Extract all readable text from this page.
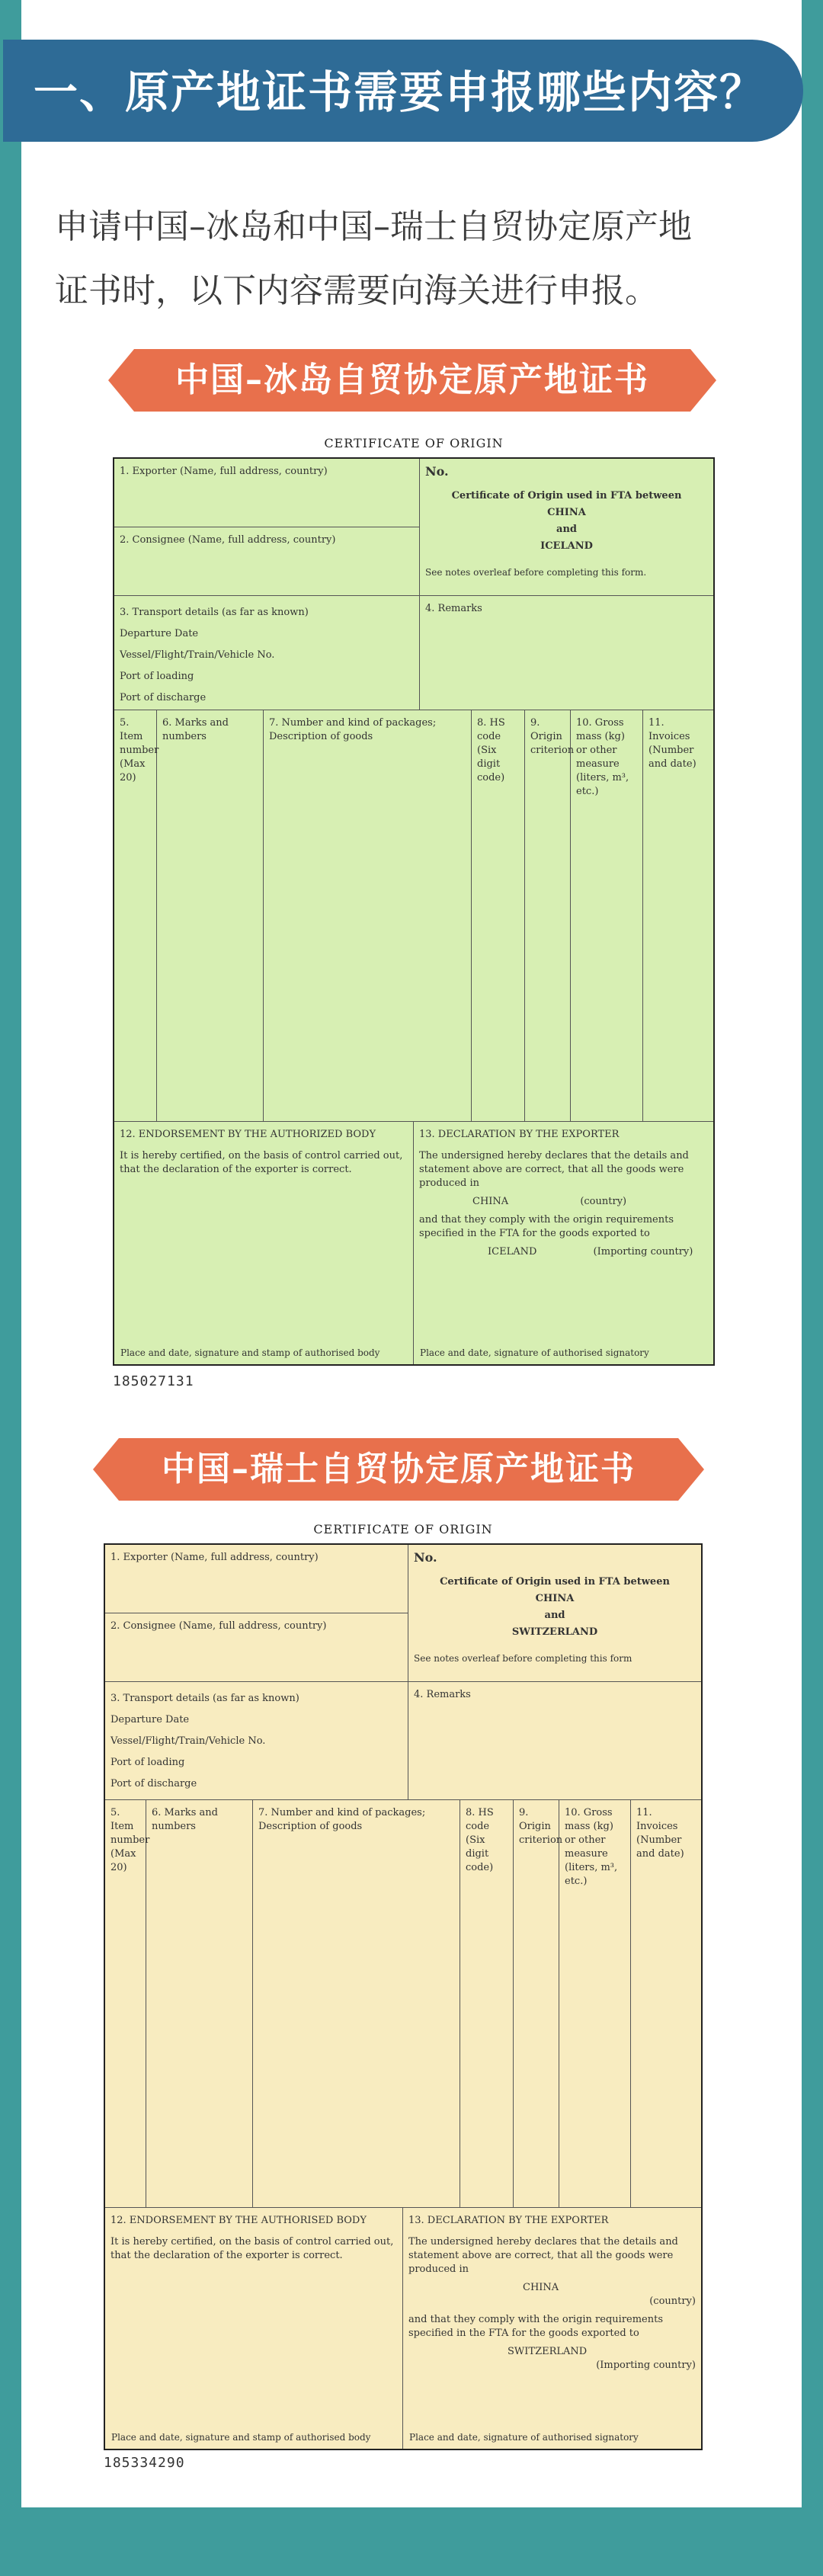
一、原产地证书需要申报哪些内容？
申请中国–冰岛和中国–瑞士自贸协定原产地
证书时，以下内容需要向海关进行申报。
中国–冰岛自贸协定原产地证书
CERTIFICATE OF ORIGIN
1. Exporter (Name, full address, country)
2. Consignee (Name, full address, country)
No.
Certificate of Origin used in FTA between
CHINA
and
ICELAND
See notes overleaf before completing this form.
3. Transport details (as far as known)
Departure Date
Vessel/Flight/Train/Vehicle No.
Port of loading
Port of discharge
4. Remarks
5. Item number (Max 20)
6. Marks and numbers
7. Number and kind of packages; Description of goods
8. HS code (Six digit code)
9. Origin criterion
10. Gross mass (kg) or other measure (liters, m³, etc.)
11. Invoices (Number and date)
12. ENDORSEMENT BY THE AUTHORIZED BODY
It is hereby certified, on the basis of control carried out, that the declaration of the exporter is correct.
Place and date, signature and stamp of authorised body
13. DECLARATION BY THE EXPORTER
The undersigned hereby declares that the details and statement above are correct, that all the goods were produced in
CHINA	(country)
and that they comply with the origin requirements specified in the FTA for the goods exported to
ICELAND	(Importing country)
Place and date, signature of authorised signatory
185027131
中国–瑞士自贸协定原产地证书
CERTIFICATE OF ORIGIN
1. Exporter (Name, full address, country)
2. Consignee (Name, full address, country)
No.
Certificate of Origin used in FTA between
CHINA
and
SWITZERLAND
See notes overleaf before completing this form
3. Transport details (as far as known)
Departure Date
Vessel/Flight/Train/Vehicle No.
Port of loading
Port of discharge
4. Remarks
5. Item number (Max 20)
6. Marks and numbers
7. Number and kind of packages; Description of goods
8. HS code (Six digit code)
9. Origin criterion
10. Gross mass (kg) or other measure (liters, m³, etc.)
11. Invoices (Number and date)
12. ENDORSEMENT BY THE AUTHORISED BODY
It is hereby certified, on the basis of control carried out, that the declaration of the exporter is correct.
Place and date, signature and stamp of authorised body
13. DECLARATION BY THE EXPORTER
The undersigned hereby declares that the details and statement above are correct, that all the goods were produced in
CHINA
(country)
and that they comply with the origin requirements specified in the FTA for the goods exported to
SWITZERLAND
(Importing country)
Place and date, signature of authorised signatory
185334290
